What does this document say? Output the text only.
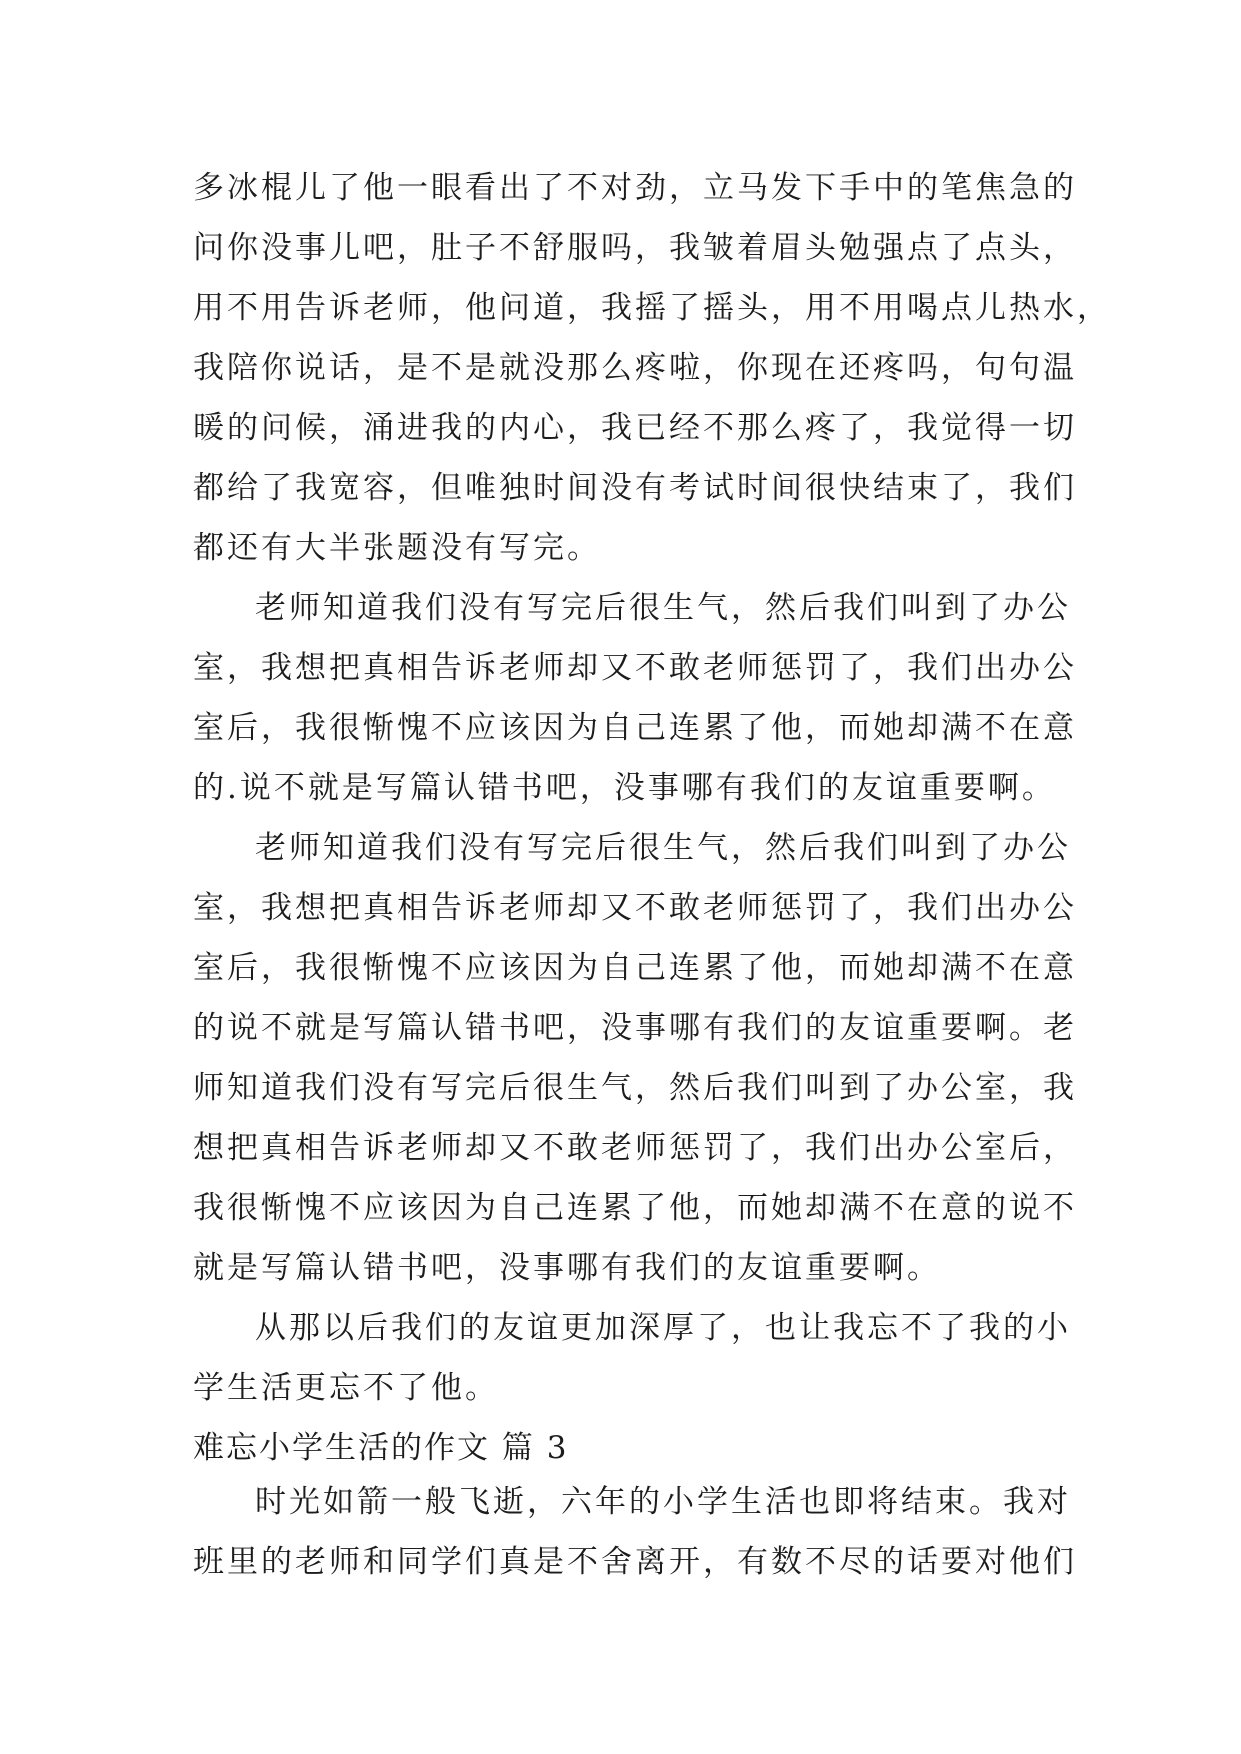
多冰棍儿了他一眼看出了不对劲，立马发下手中的笔焦急的
问你没事儿吧，肚子不舒服吗，我皱着眉头勉强点了点头，
用不用告诉老师，他问道，我摇了摇头，用不用喝点儿热水，
我陪你说话，是不是就没那么疼啦，你现在还疼吗，句句温
暖的问候，涌进我的内心，我已经不那么疼了，我觉得一切
都给了我宽容，但唯独时间没有考试时间很快结束了，我们
都还有大半张题没有写完。
老师知道我们没有写完后很生气，然后我们叫到了办公
室，我想把真相告诉老师却又不敢老师惩罚了，我们出办公
室后，我很惭愧不应该因为自己连累了他，而她却满不在意
的.说不就是写篇认错书吧，没事哪有我们的友谊重要啊。
老师知道我们没有写完后很生气，然后我们叫到了办公
室，我想把真相告诉老师却又不敢老师惩罚了，我们出办公
室后，我很惭愧不应该因为自己连累了他，而她却满不在意
的说不就是写篇认错书吧，没事哪有我们的友谊重要啊。老
师知道我们没有写完后很生气，然后我们叫到了办公室，我
想把真相告诉老师却又不敢老师惩罚了，我们出办公室后，
我很惭愧不应该因为自己连累了他，而她却满不在意的说不
就是写篇认错书吧，没事哪有我们的友谊重要啊。
从那以后我们的友谊更加深厚了，也让我忘不了我的小
学生活更忘不了他。
难忘小学生活的作文 篇 3
时光如箭一般飞逝，六年的小学生活也即将结束。我对
班里的老师和同学们真是不舍离开，有数不尽的话要对他们
